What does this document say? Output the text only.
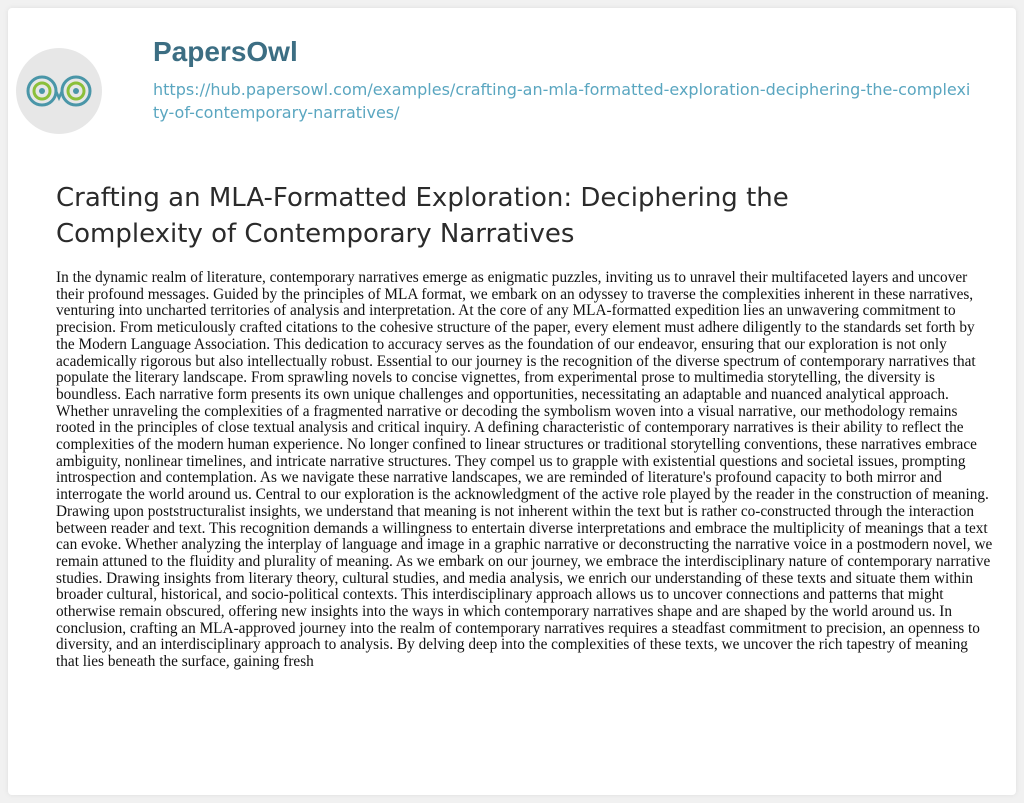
PapersOwl
https://hub.papersowl.com/examples/crafting-an-mla-formatted-exploration-deciphering-the-complexity-of-contemporary-narratives/
Crafting an MLA-Formatted Exploration: Deciphering the Complexity of Contemporary Narratives

In the dynamic realm of literature, contemporary narratives emerge as enigmatic puzzles, inviting us to unravel their multifaceted layers and uncover their profound messages. Guided by the principles of MLA format, we embark on an odyssey to traverse the complexities inherent in these narratives, venturing into uncharted territories of analysis and interpretation. At the core of any MLA-formatted expedition lies an unwavering commitment to precision. From meticulously crafted citations to the cohesive structure of the paper, every element must adhere diligently to the standards set forth by the Modern Language Association. This dedication to accuracy serves as the foundation of our endeavor, ensuring that our exploration is not only academically rigorous but also intellectually robust. Essential to our journey is the recognition of the diverse spectrum of contemporary narratives that populate the literary landscape. From sprawling novels to concise vignettes, from experimental prose to multimedia storytelling, the diversity is boundless. Each narrative form presents its own unique challenges and opportunities, necessitating an adaptable and nuanced analytical approach. Whether unraveling the complexities of a fragmented narrative or decoding the symbolism woven into a visual narrative, our methodology remains rooted in the principles of close textual analysis and critical inquiry. A defining characteristic of contemporary narratives is their ability to reflect the complexities of the modern human experience. No longer confined to linear structures or traditional storytelling conventions, these narratives embrace ambiguity, nonlinear timelines, and intricate narrative structures. They compel us to grapple with existential questions and societal issues, prompting introspection and contemplation. As we navigate these narrative landscapes, we are reminded of literature's profound capacity to both mirror and interrogate the world around us. Central to our exploration is the acknowledgment of the active role played by the reader in the construction of meaning. Drawing upon poststructuralist insights, we understand that meaning is not inherent within the text but is rather co-constructed through the interaction between reader and text. This recognition demands a willingness to entertain diverse interpretations and embrace the multiplicity of meanings that a text can evoke. Whether analyzing the interplay of language and image in a graphic narrative or deconstructing the narrative voice in a postmodern novel, we remain attuned to the fluidity and plurality of meaning. As we embark on our journey, we embrace the interdisciplinary nature of contemporary narrative studies. Drawing insights from literary theory, cultural studies, and media analysis, we enrich our understanding of these texts and situate them within broader cultural, historical, and socio-political contexts. This interdisciplinary approach allows us to uncover connections and patterns that might otherwise remain obscured, offering new insights into the ways in which contemporary narratives shape and are shaped by the world around us. In conclusion, crafting an MLA-approved journey into the realm of contemporary narratives requires a steadfast commitment to precision, an openness to diversity, and an interdisciplinary approach to analysis. By delving deep into the complexities of these texts, we uncover the rich tapestry of meaning that lies beneath the surface, gaining fresh
